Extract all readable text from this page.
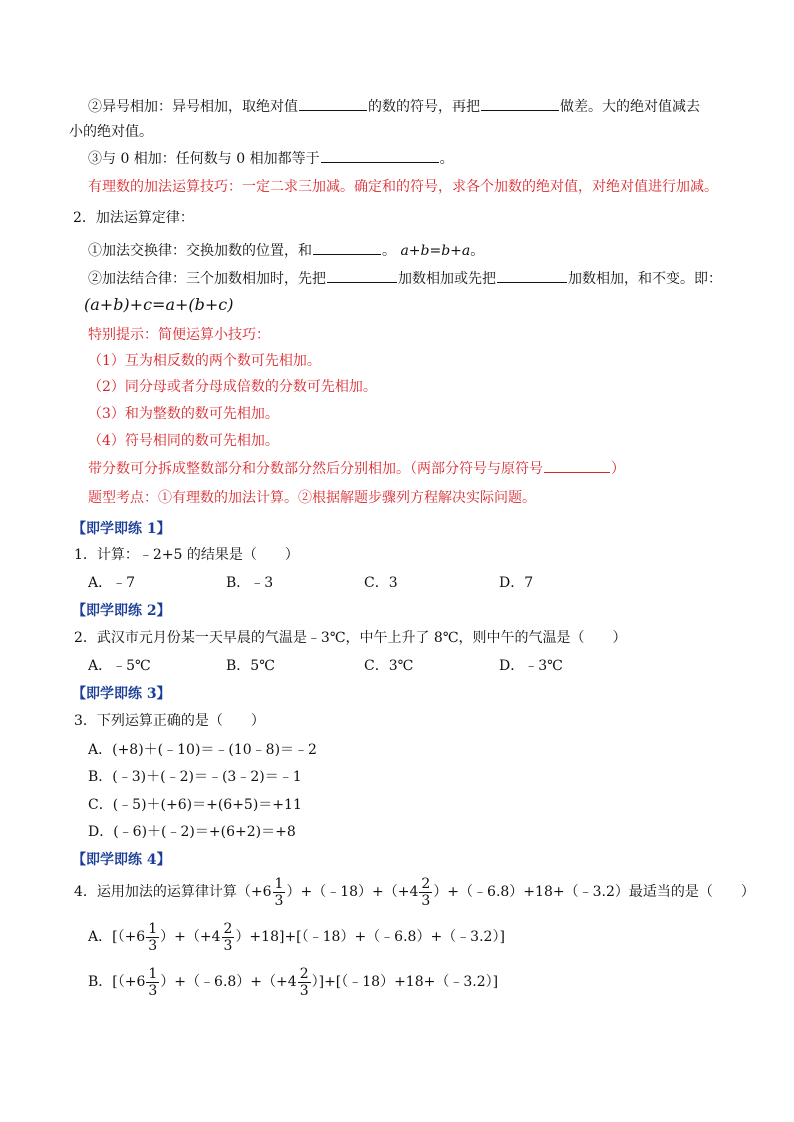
②异号相加：异号相加，取绝对值	的数的符号，再把	做差。大的绝对值减去
小的绝对值。
③与 0 相加：任何数与 0 相加都等于	。
有理数的加法运算技巧：一定二求三加减。确定和的符号，求各个加数的绝对值，对绝对值进行加减。
2．加法运算定律：
①加法交换律：交换加数的位置，和	。 a+b=b+a。
②加法结合律：三个加数相加时，先把	加数相加或先把	加数相加，和不变。即：
(a+b)+c=a+(b+c)
特别提示：简便运算小技巧：
（1）互为相反数的两个数可先相加。
（2）同分母或者分母成倍数的分数可先相加。
（3）和为整数的数可先相加。
（4）符号相同的数可先相加。
带分数可分拆成整数部分和分数部分然后分别相加。（两部分符号与原符号	）
题型考点：①有理数的加法计算。②根据解题步骤列方程解决实际问题。
【即学即练 1】
1．计算：﹣2+5 的结果是（　　）
A．﹣7	B．﹣3	C．3	D．7
【即学即练 2】
2．武汉市元月份某一天早晨的气温是﹣3℃，中午上升了 8℃，则中午的气温是（　　）
A．﹣5℃	B．5℃	C．3℃	D．﹣3℃
【即学即练 3】
3．下列运算正确的是（　　）
A．(+8)＋(﹣10)＝﹣(10﹣8)＝﹣2
B．(﹣3)＋(﹣2)＝﹣(3﹣2)＝﹣1
C．(﹣5)＋(+6)＝+(6+5)＝+11
D．(﹣6)＋(﹣2)＝+(6+2)＝+8
【即学即练 4】
4．运用加法的运算律计算（$+6 \frac{1}{3}$ ）+（﹣18）+（+4 $\frac{2}{3}$ ）+（﹣6.8）+18+（﹣3.2）最适当的是（　　）
A．[$(+6 \frac{1}{3} )+(+4 \frac{2}{3}$ ）+18]+[（﹣18）+（﹣6.8）+（﹣3.2）]
B．[（$+6 \frac{1}{3}$ ）+（﹣6.8）+（+4 $\frac{2}{3}$ ）]+[（﹣18）+18+（﹣3.2）]
